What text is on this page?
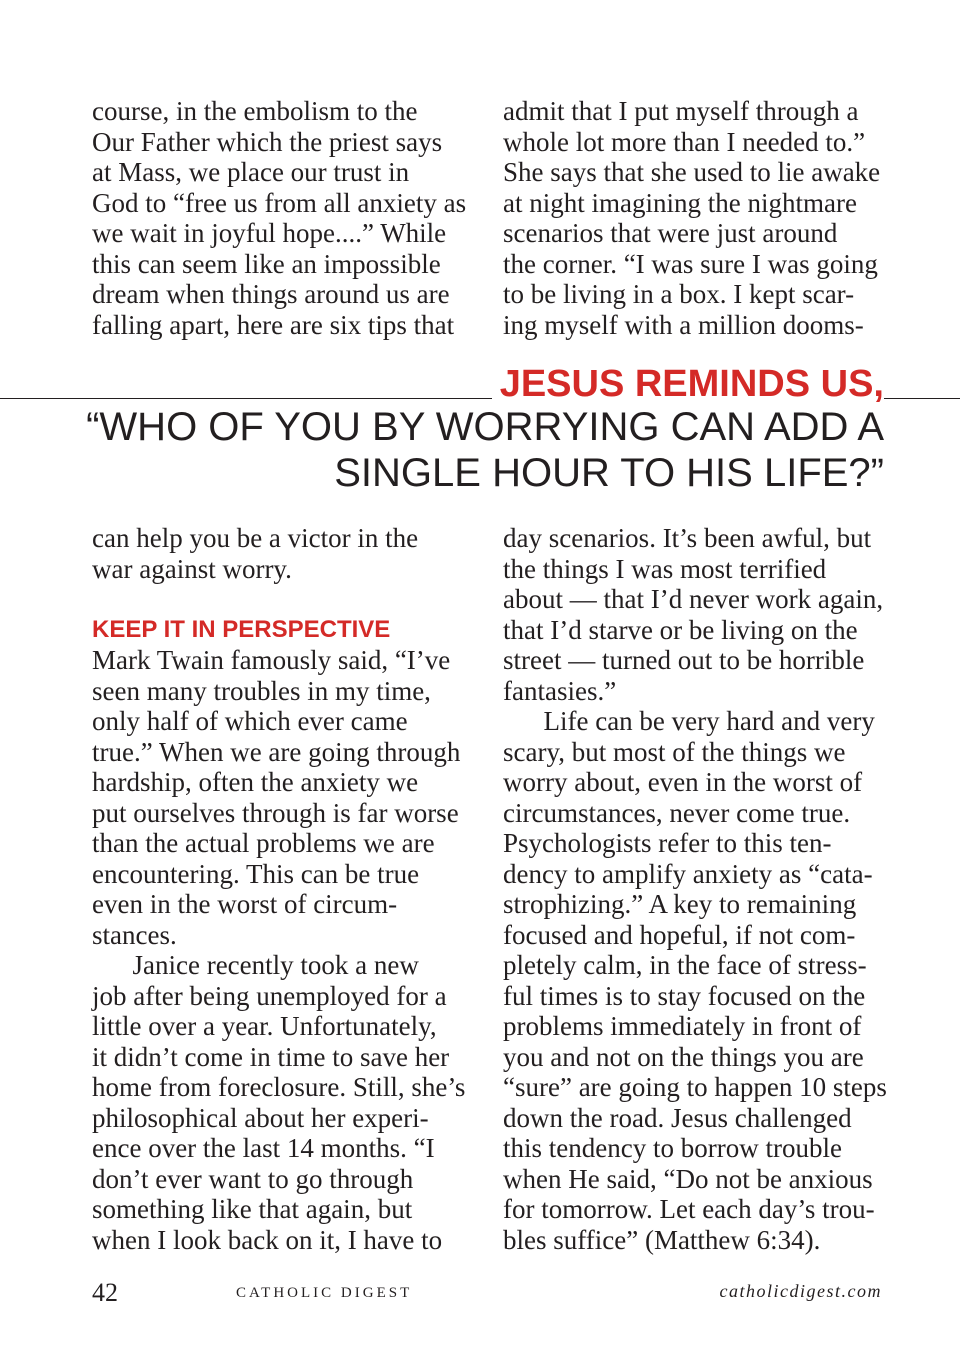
course, in the embolism to the
Our Father which the priest says
at Mass, we place our trust in
God to “free us from all anxiety as
we wait in joyful hope....” While
this can seem like an impossible
dream when things around us are
falling apart, here are six tips that
admit that I put myself through a
whole lot more than I needed to.”
She says that she used to lie awake
at night imagining the nightmare
scenarios that were just around
the corner. “I was sure I was going
to be living in a box. I kept scar-
ing myself with a million dooms-
JESUS REMINDS US,
“WHO OF YOU BY WORRYING CAN ADD A
SINGLE HOUR TO HIS LIFE?”
can help you be a victor in the
war against worry.
KEEP IT IN PERSPECTIVE
Mark Twain famously said, “I’ve
seen many troubles in my time,
only half of which ever came
true.” When we are going through
hardship, often the anxiety we
put ourselves through is far worse
than the actual problems we are
encountering. This can be true
even in the worst of circum-
stances.
Janice recently took a new
job after being unemployed for a
little over a year. Unfortunately,
it didn’t come in time to save her
home from foreclosure. Still, she’s
philosophical about her experi-
ence over the last 14 months. “I
don’t ever want to go through
something like that again, but
when I look back on it, I have to
day scenarios. It’s been awful, but
the things I was most terrified
about — that I’d never work again,
that I’d starve or be living on the
street — turned out to be horrible
fantasies.”
Life can be very hard and very
scary, but most of the things we
worry about, even in the worst of
circumstances, never come true.
Psychologists refer to this ten-
dency to amplify anxiety as “cata-
strophizing.” A key to remaining
focused and hopeful, if not com-
pletely calm, in the face of stress-
ful times is to stay focused on the
problems immediately in front of
you and not on the things you are
“sure” are going to happen 10 steps
down the road. Jesus challenged
this tendency to borrow trouble
when He said, “Do not be anxious
for tomorrow. Let each day’s trou-
bles suffice” (Matthew 6:34).
42	CATHOLIC DIGEST	catholicdigest.com
